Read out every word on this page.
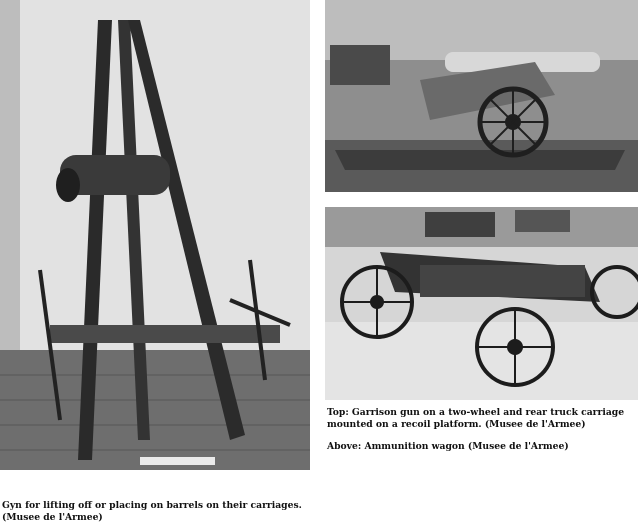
Top: Garrison gun on a two-wheel and rear truck carriage
mounted on a recoil platform. (Musee de l'Armee)
Above: Ammunition wagon (Musee de l'Armee)
Gyn for lifting off or placing on barrels on their carriages.
(Musee de l'Armee)
